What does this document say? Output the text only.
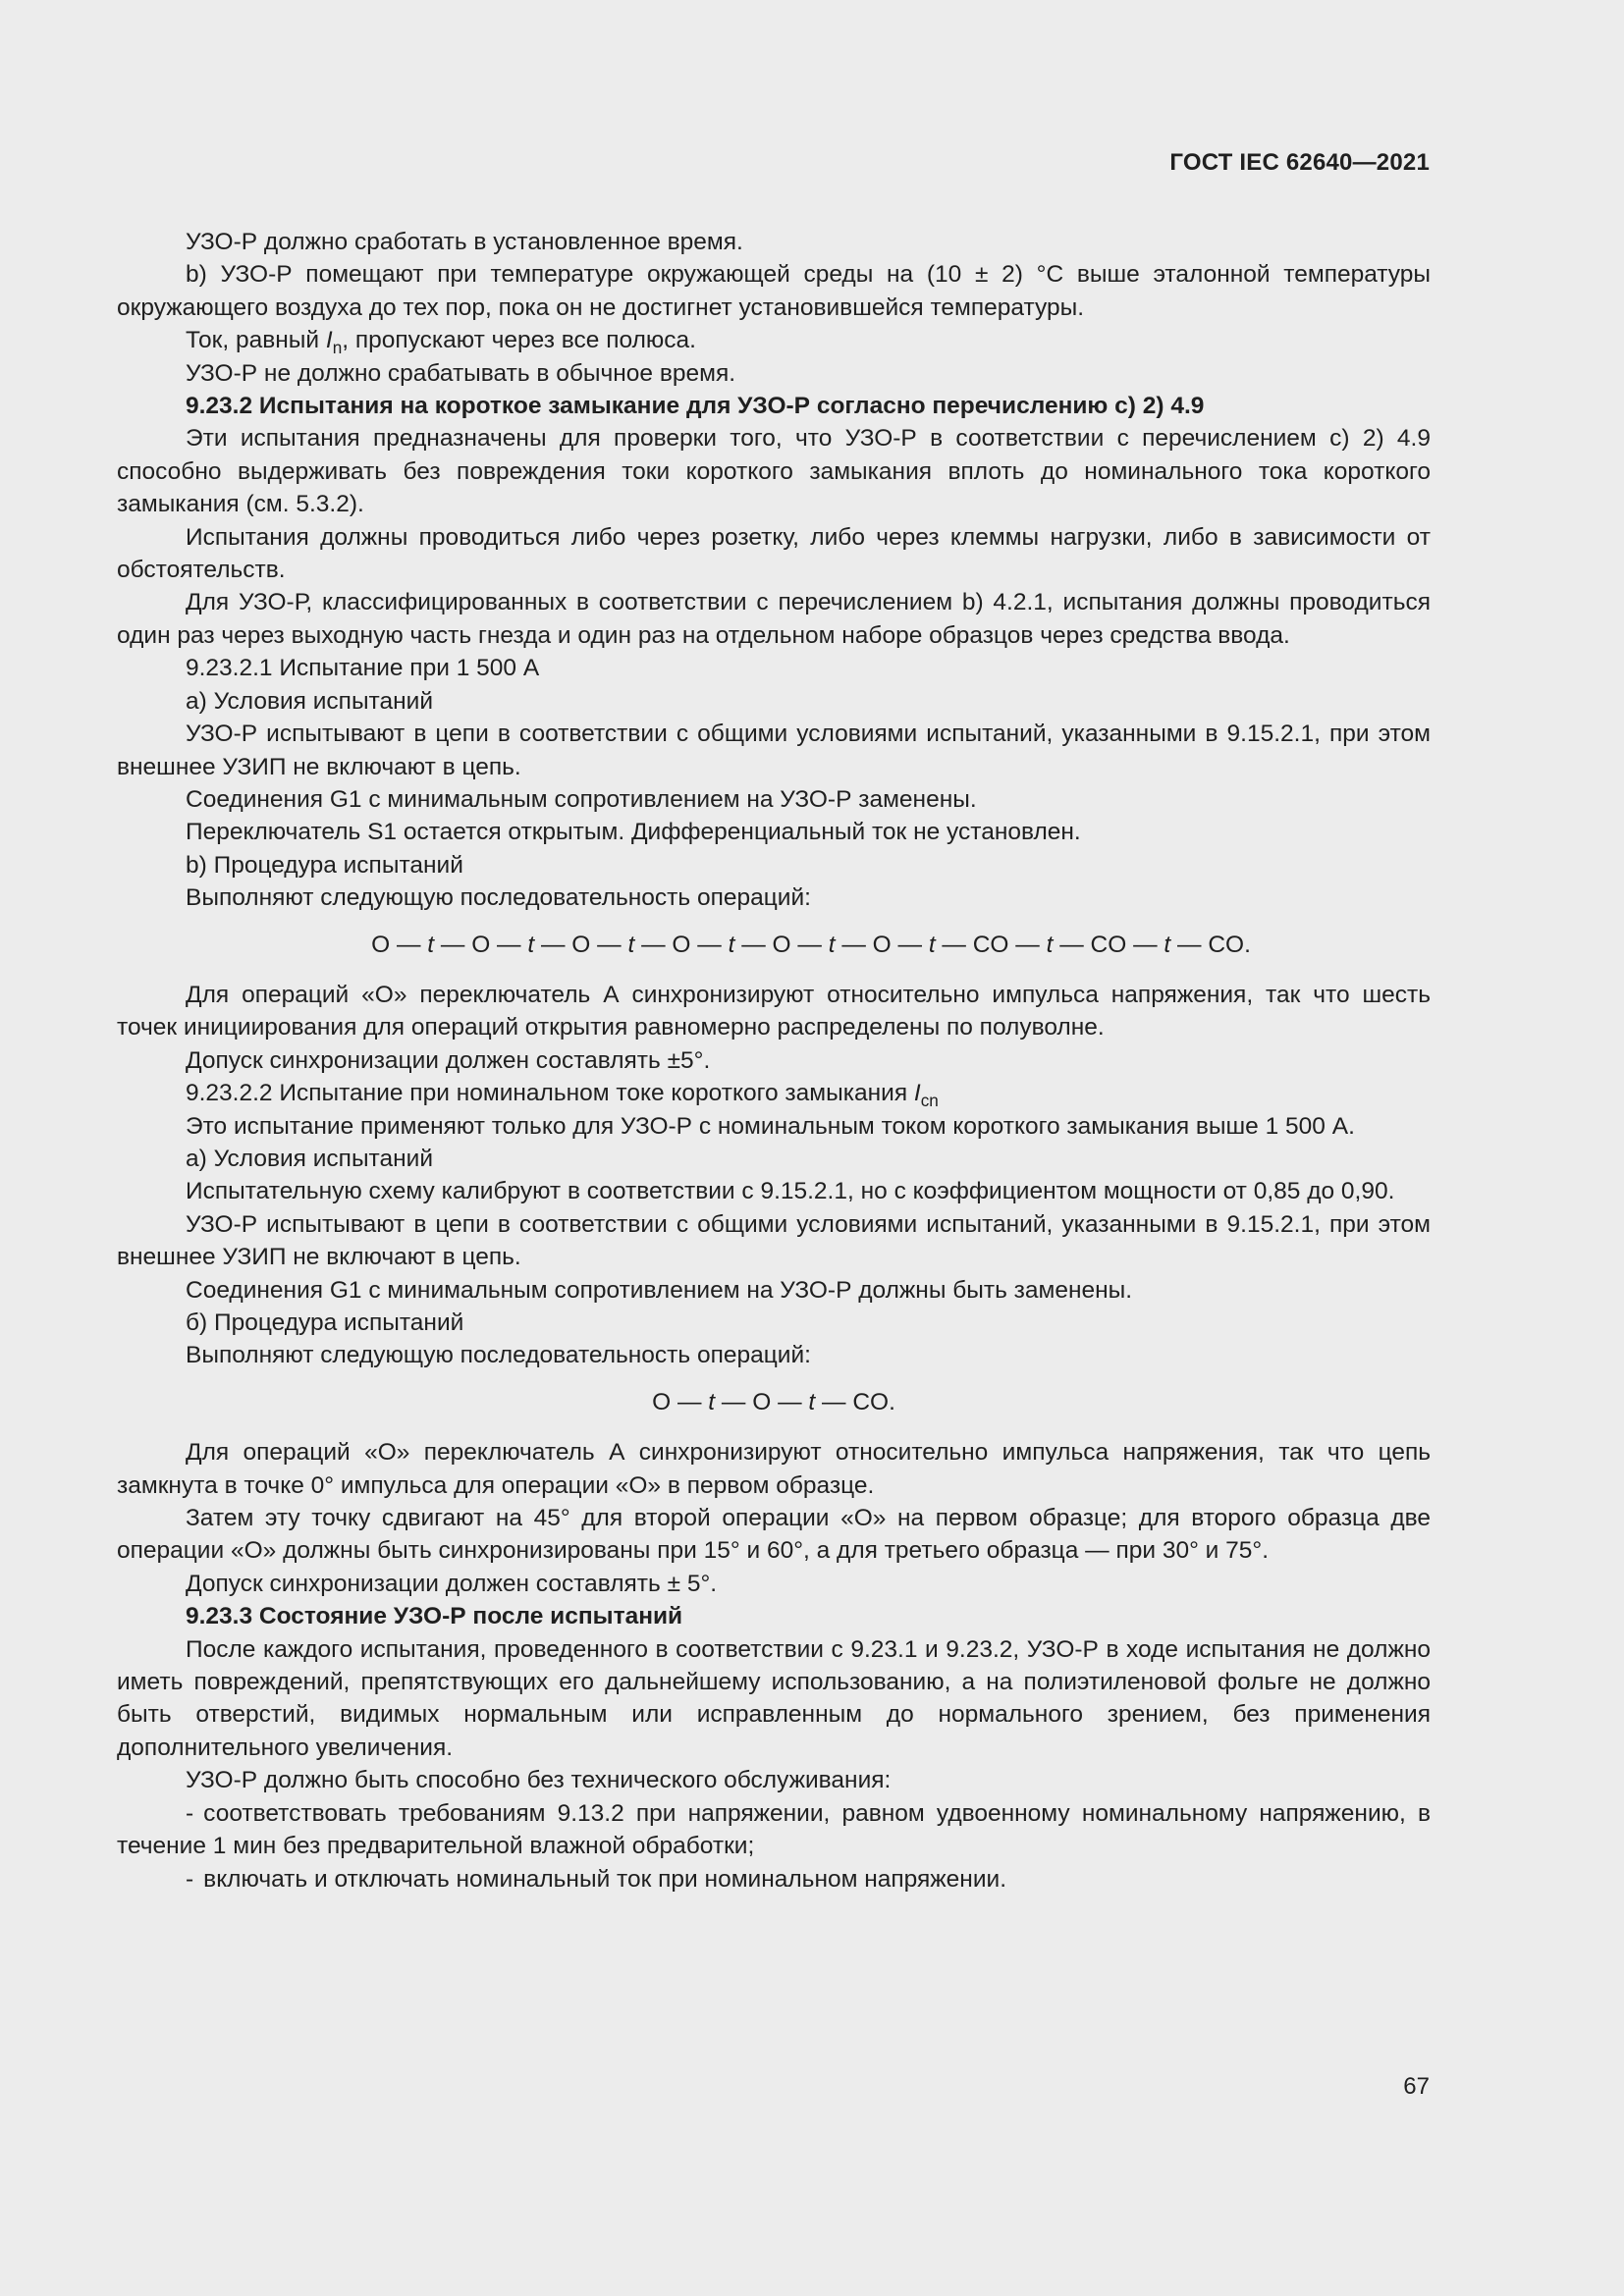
ГОСТ IEC 62640—2021

УЗО-Р должно сработать в установленное время.

b) УЗО-Р помещают при температуре окружающей среды на (10 ± 2) °С выше эталонной температуры окружающего воздуха до тех пор, пока он не достигнет установившейся температуры.

Ток, равный $I_n$, пропускают через все полюса.

УЗО-Р не должно срабатывать в обычное время.

9.23.2 Испытания на короткое замыкание для УЗО-Р согласно перечислению с) 2) 4.9

Эти испытания предназначены для проверки того, что УЗО-Р в соответствии с перечислением с) 2) 4.9 способно выдерживать без повреждения токи короткого замыкания вплоть до номинального тока короткого замыкания (см. 5.3.2).

Испытания должны проводиться либо через розетку, либо через клеммы нагрузки, либо в зависимости от обстоятельств.

Для УЗО-Р, классифицированных в соответствии с перечислением b) 4.2.1, испытания должны проводиться один раз через выходную часть гнезда и один раз на отдельном наборе образцов через средства ввода.

9.23.2.1 Испытание при 1 500 А

a) Условия испытаний

УЗО-Р испытывают в цепи в соответствии с общими условиями испытаний, указанными в 9.15.2.1, при этом внешнее УЗИП не включают в цепь.

Соединения G1 с минимальным сопротивлением на УЗО-Р заменены.

Переключатель S1 остается открытым. Дифференциальный ток не установлен.

b) Процедура испытаний

Выполняют следующую последовательность операций:

O — t — O — t — O — t — O — t — O — t — O — t — CO — t — CO — t — CO.

Для операций «О» переключатель А синхронизируют относительно импульса напряжения, так что шесть точек инициирования для операций открытия равномерно распределены по полуволне.

Допуск синхронизации должен составлять ±5°.

9.23.2.2 Испытание при номинальном токе короткого замыкания $I_{cn}$

Это испытание применяют только для УЗО-Р с номинальным током короткого замыкания выше 1 500 А.

a) Условия испытаний

Испытательную схему калибруют в соответствии с 9.15.2.1, но с коэффициентом мощности от 0,85 до 0,90.

УЗО-Р испытывают в цепи в соответствии с общими условиями испытаний, указанными в 9.15.2.1, при этом внешнее УЗИП не включают в цепь.

Соединения G1 с минимальным сопротивлением на УЗО-Р должны быть заменены.

б) Процедура испытаний

Выполняют следующую последовательность операций:

O — t — O — t — CO.

Для операций «О» переключатель А синхронизируют относительно импульса напряжения, так что цепь замкнута в точке 0° импульса для операции «О» в первом образце.

Затем эту точку сдвигают на 45° для второй операции «О» на первом образце; для второго образца две операции «О» должны быть синхронизированы при 15° и 60°, а для третьего образца — при 30° и 75°.

Допуск синхронизации должен составлять ± 5°.

9.23.3 Состояние УЗО-Р после испытаний

После каждого испытания, проведенного в соответствии с 9.23.1 и 9.23.2, УЗО-Р в ходе испытания не должно иметь повреждений, препятствующих его дальнейшему использованию, а на полиэтиленовой фольге не должно быть отверстий, видимых нормальным или исправленным до нормального зрением, без применения дополнительного увеличения.

УЗО-Р должно быть способно без технического обслуживания:

- соответствовать требованиям 9.13.2 при напряжении, равном удвоенному номинальному напряжению, в течение 1 мин без предварительной влажной обработки;

- включать и отключать номинальный ток при номинальном напряжении.

67
